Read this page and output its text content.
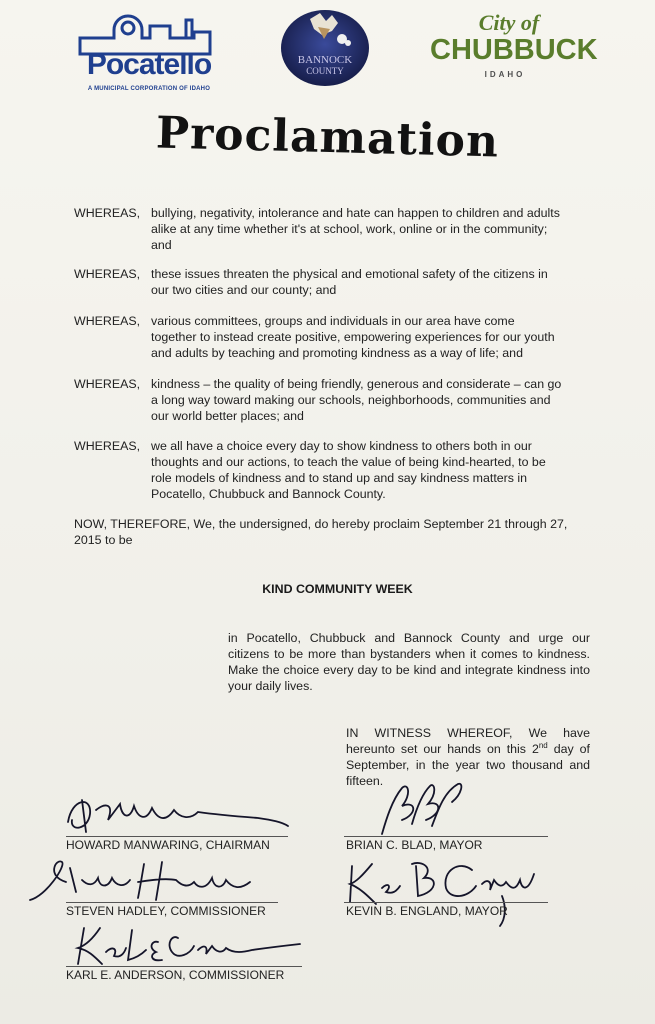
Pocatello
A MUNICIPAL CORPORATION OF IDAHO
BANNOCK
COUNTY
City of
CHUBBUCK
IDAHO
Proclamation
WHEREAS, bullying, negativity, intolerance and hate can happen to children and adults alike at any time whether it's at school, work, online or in the community; and
WHEREAS, these issues threaten the physical and emotional safety of the citizens in our two cities and our county; and
WHEREAS, various committees, groups and individuals in our area have come together to instead create positive, empowering experiences for our youth and adults by teaching and promoting kindness as a way of life; and
WHEREAS, kindness – the quality of being friendly, generous and considerate – can go a long way toward making our schools, neighborhoods, communities and our world better places; and
WHEREAS, we all have a choice every day to show kindness to others both in our thoughts and our actions, to teach the value of being kind-hearted, to be role models of kindness and to stand up and say kindness matters in Pocatello, Chubbuck and Bannock County.
NOW, THEREFORE, We, the undersigned, do hereby proclaim September 21 through 27, 2015 to be
KIND COMMUNITY WEEK
in Pocatello, Chubbuck and Bannock County and urge our citizens to be more than bystanders when it comes to kindness. Make the choice every day to be kind and integrate kindness into your daily lives.
IN WITNESS WHEREOF, We have hereunto set our hands on this 2nd day of September, in the year two thousand and fifteen.
HOWARD MANWARING, CHAIRMAN	BRIAN C. BLAD, MAYOR
STEVEN HADLEY, COMMISSIONER	KEVIN B. ENGLAND, MAYOR
KARL E. ANDERSON, COMMISSIONER
